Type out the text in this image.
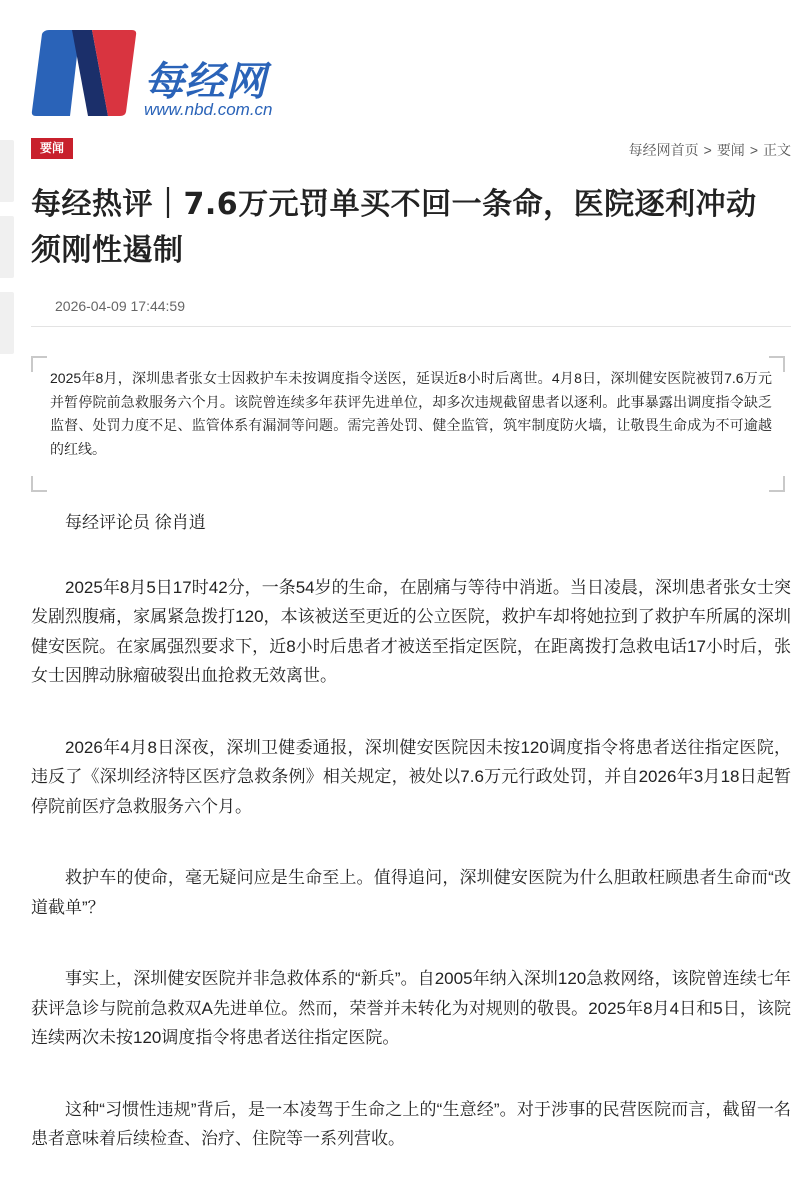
每经网
www.nbd.com.cn
要闻	每经网首页 > 要闻 > 正文
每经热评｜7.6万元罚单买不回一条命，医院逐利冲动须刚性遏制
2026-04-09 17:44:59

2025年8月，深圳患者张女士因救护车未按调度指令送医，延误近8小时后离世。4月8日，深圳健安医院被罚7.6万元并暂停院前急救服务六个月。该院曾连续多年获评先进单位，却多次违规截留患者以逐利。此事暴露出调度指令缺乏监督、处罚力度不足、监管体系有漏洞等问题。需完善处罚、健全监管，筑牢制度防火墙，让敬畏生命成为不可逾越的红线。

每经评论员 徐肖逍

2025年8月5日17时42分，一条54岁的生命，在剧痛与等待中消逝。当日凌晨，深圳患者张女士突发剧烈腹痛，家属紧急拨打120，本该被送至更近的公立医院，救护车却将她拉到了救护车所属的深圳健安医院。在家属强烈要求下，近8小时后患者才被送至指定医院，在距离拨打急救电话17小时后，张女士因脾动脉瘤破裂出血抢救无效离世。

2026年4月8日深夜，深圳卫健委通报，深圳健安医院因未按120调度指令将患者送往指定医院，违反了《深圳经济特区医疗急救条例》相关规定，被处以7.6万元行政处罚，并自2026年3月18日起暂停院前医疗急救服务六个月。

救护车的使命，毫无疑问应是生命至上。值得追问，深圳健安医院为什么胆敢枉顾患者生命而“改道截单”？

事实上，深圳健安医院并非急救体系的“新兵”。自2005年纳入深圳120急救网络，该院曾连续七年获评急诊与院前急救双A先进单位。然而，荣誉并未转化为对规则的敬畏。2025年8月4日和5日，该院连续两次未按120调度指令将患者送往指定医院。

这种“习惯性违规”背后，是一本凌驾于生命之上的“生意经”。对于涉事的民营医院而言，截留一名患者意味着后续检查、治疗、住院等一系列营收。
